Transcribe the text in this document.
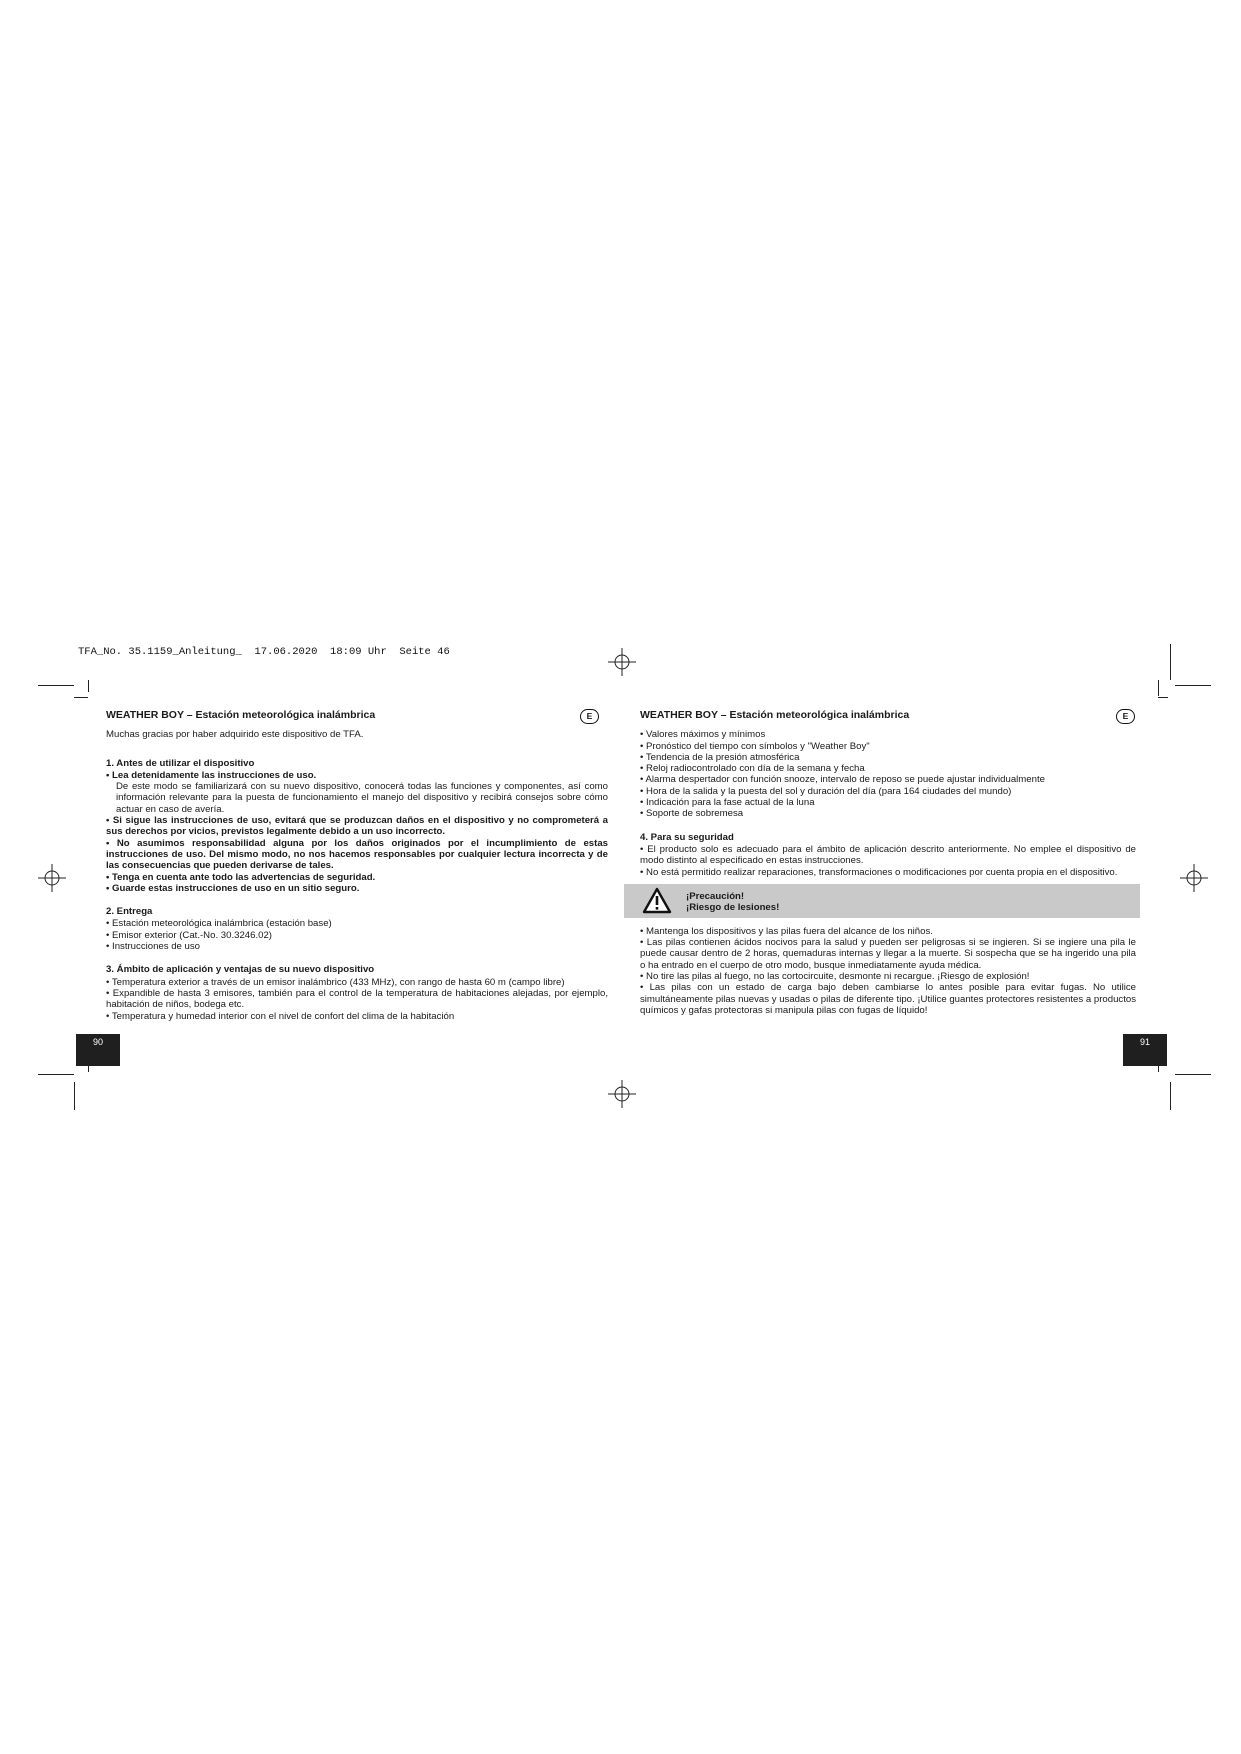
TFA_No. 35.1159_Anleitung_  17.06.2020  18:09 Uhr  Seite 46
WEATHER BOY – Estación meteorológica inalámbrica	E
Muchas gracias por haber adquirido este dispositivo de TFA.
1. Antes de utilizar el dispositivo
• Lea detenidamente las instrucciones de uso.
De este modo se familiarizará con su nuevo dispositivo, conocerá todas las funciones y componentes, así como información relevante para la puesta de funcionamiento el manejo del dispositivo y recibirá consejos sobre cómo actuar en caso de avería.
• Si sigue las instrucciones de uso, evitará que se produzcan daños en el dispositivo y no comprometerá a sus derechos por vicios, previstos legalmente debido a un uso incorrecto.
• No asumimos responsabilidad alguna por los daños originados por el incumplimiento de estas instrucciones de uso. Del mismo modo, no nos hacemos responsables por cualquier lectura incorrecta y de las consecuencias que pueden derivarse de tales.
• Tenga en cuenta ante todo las advertencias de seguridad.
• Guarde estas instrucciones de uso en un sitio seguro.
2. Entrega
• Estación meteorológica inalámbrica (estación base)
• Emisor exterior (Cat.-No. 30.3246.02)
• Instrucciones de uso
3. Ámbito de aplicación y ventajas de su nuevo dispositivo
• Temperatura exterior a través de un emisor inalámbrico (433 MHz), con rango de hasta 60 m (campo libre)
• Expandible de hasta 3 emisores, también para el control de la temperatura de habitaciones alejadas, por ejemplo, habitación de niños, bodega etc.
• Temperatura y humedad interior con el nivel de confort del clima de la habitación
90
WEATHER BOY – Estación meteorológica inalámbrica	E
• Valores máximos y mínimos
• Pronóstico del tiempo con símbolos y "Weather Boy"
• Tendencia de la presión atmosférica
• Reloj radiocontrolado con día de la semana y fecha
• Alarma despertador con función snooze, intervalo de reposo se puede ajustar individualmente
• Hora de la salida y la puesta del sol y duración del día (para 164 ciudades del mundo)
• Indicación para la fase actual de la luna
• Soporte de sobremesa
4. Para su seguridad
• El producto solo es adecuado para el ámbito de aplicación descrito anteriormente. No emplee el dispositivo de modo distinto al especificado en estas instrucciones.
• No está permitido realizar reparaciones, transformaciones o modificaciones por cuenta propia en el dispositivo.
¡Precaución!
¡Riesgo de lesiones!
• Mantenga los dispositivos y las pilas fuera del alcance de los niños.
• Las pilas contienen ácidos nocivos para la salud y pueden ser peligrosas si se ingieren. Si se ingiere una pila le puede causar dentro de 2 horas, quemaduras internas y llegar a la muerte. Si sospecha que se ha ingerido una pila o ha entrado en el cuerpo de otro modo, busque inmediatamente ayuda médica.
• No tire las pilas al fuego, no las cortocircuite, desmonte ni recargue. ¡Riesgo de explosión!
• Las pilas con un estado de carga bajo deben cambiarse lo antes posible para evitar fugas. No utilice simultáneamente pilas nuevas y usadas o pilas de diferente tipo. ¡Utilice guantes protectores resistentes a productos químicos y gafas protectoras si manipula pilas con fugas de líquido!
91
